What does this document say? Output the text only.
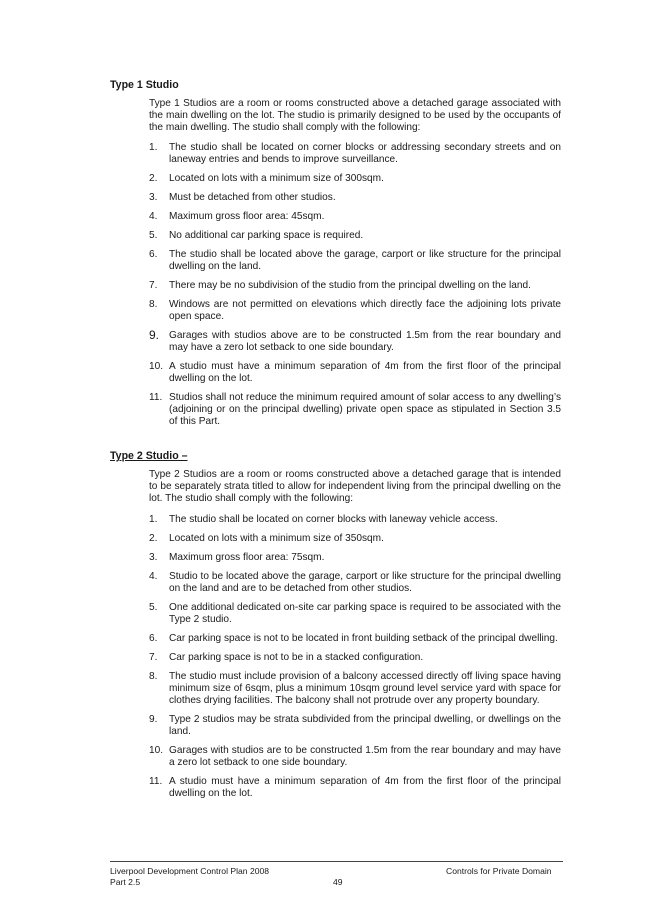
Type 1 Studio

Type 1 Studios are a room or rooms constructed above a detached garage associated with the main dwelling on the lot. The studio is primarily designed to be used by the occupants of the main dwelling. The studio shall comply with the following:

1. The studio shall be located on corner blocks or addressing secondary streets and on laneway entries and bends to improve surveillance.
2. Located on lots with a minimum size of 300sqm.
3. Must be detached from other studios.
4. Maximum gross floor area: 45sqm.
5. No additional car parking space is required.
6. The studio shall be located above the garage, carport or like structure for the principal dwelling on the land.
7. There may be no subdivision of the studio from the principal dwelling on the land.
8. Windows are not permitted on elevations which directly face the adjoining lots private open space.
9. Garages with studios above are to be constructed 1.5m from the rear boundary and may have a zero lot setback to one side boundary.
10. A studio must have a minimum separation of 4m from the first floor of the principal dwelling on the lot.
11. Studios shall not reduce the minimum required amount of solar access to any dwelling’s (adjoining or on the principal dwelling) private open space as stipulated in Section 3.5 of this Part.
Type 2 Studio –

Type 2 Studios are a room or rooms constructed above a detached garage that is intended to be separately strata titled to allow for independent living from the principal dwelling on the lot. The studio shall comply with the following:

1. The studio shall be located on corner blocks with laneway vehicle access.
2. Located on lots with a minimum size of 350sqm.
3. Maximum gross floor area: 75sqm.
4. Studio to be located above the garage, carport or like structure for the principal dwelling on the land and are to be detached from other studios.
5. One additional dedicated on-site car parking space is required to be associated with the Type 2 studio.
6. Car parking space is not to be located in front building setback of the principal dwelling.
7. Car parking space is not to be in a stacked configuration.
8. The studio must include provision of a balcony accessed directly off living space having minimum size of 6sqm, plus a minimum 10sqm ground level service yard with space for clothes drying facilities. The balcony shall not protrude over any property boundary.
9. Type 2 studios may be strata subdivided from the principal dwelling, or dwellings on the land.
10. Garages with studios are to be constructed 1.5m from the rear boundary and may have a zero lot setback to one side boundary.
11. A studio must have a minimum separation of 4m from the first floor of the principal dwelling on the lot.
Liverpool Development Control Plan 2008
Part 2.5	49
Controls for Private Domain
